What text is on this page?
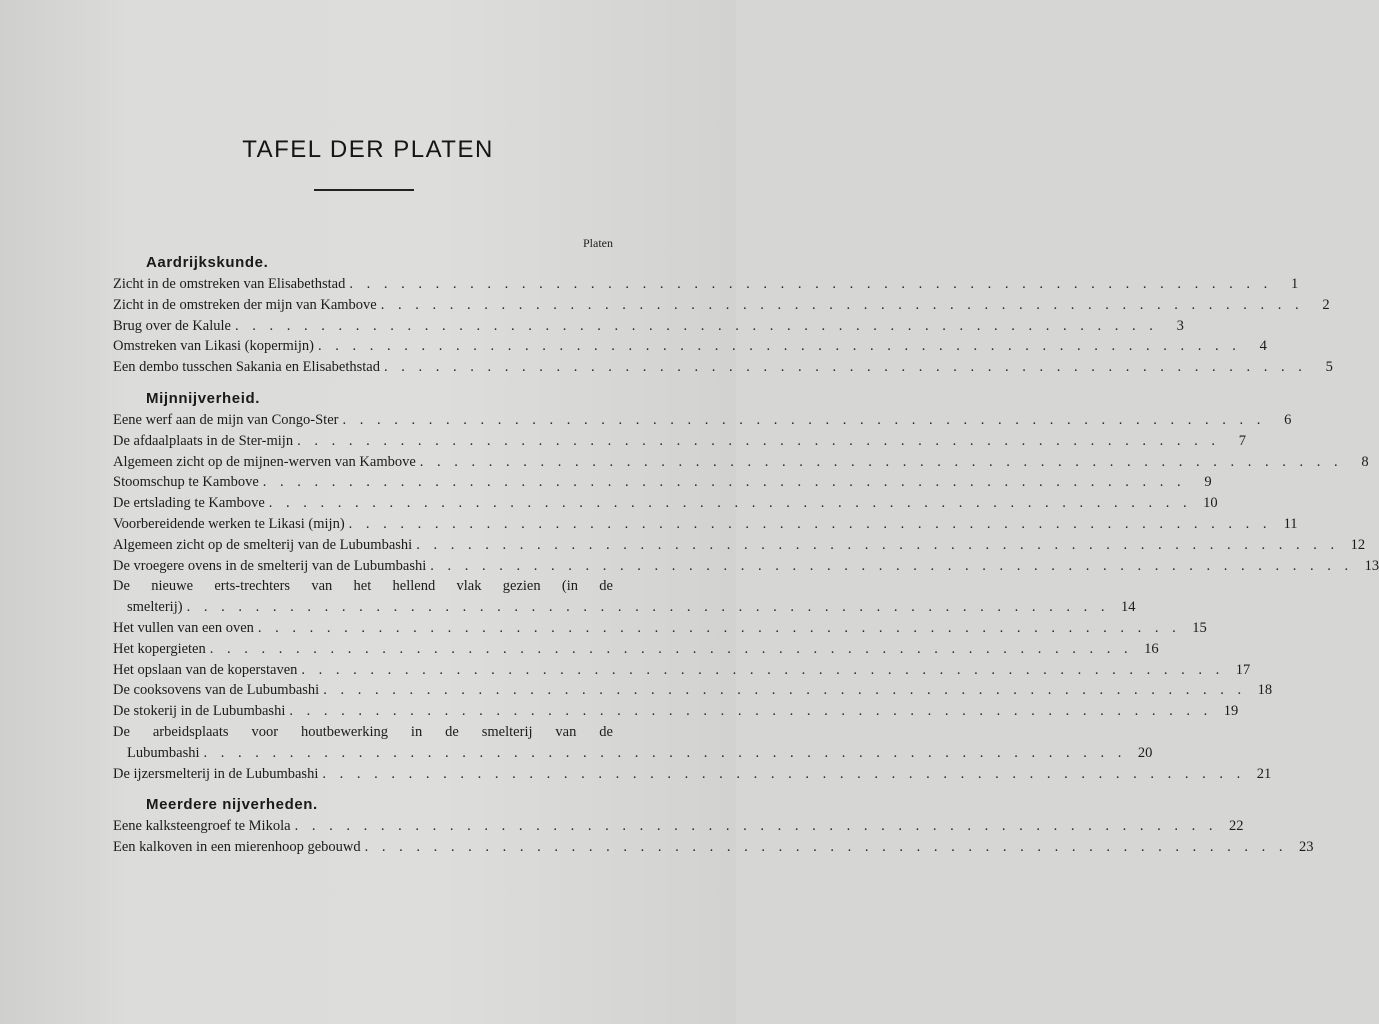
TAFEL DER PLATEN
Platen
Aardrijkskunde.
Zicht in de omstreken van Elisabethstad . . . . . . . . . . . . . . . . . . . . . . . . . . . . . . . . . . . . . . . . . . . . . . . . . . . . . .	1
Zicht in de omstreken der mijn van Kambove . . . . . . . . . . . . . . . . . . . . . . . . . . . . . . . . . . . . . . . . . . . . . . . . . . . . . .	2
Brug over de Kalule . . . . . . . . . . . . . . . . . . . . . . . . . . . . . . . . . . . . . . . . . . . . . . . . . . . . . .	3
Omstreken van Likasi (kopermijn) . . . . . . . . . . . . . . . . . . . . . . . . . . . . . . . . . . . . . . . . . . . . . . . . . . . . . .	4
Een dembo tusschen Sakania en Elisabethstad . . . . . . . . . . . . . . . . . . . . . . . . . . . . . . . . . . . . . . . . . . . . . . . . . . . . . .	5
Mijnnijverheid.
Eene werf aan de mijn van Congo-Ster . . . . . . . . . . . . . . . . . . . . . . . . . . . . . . . . . . . . . . . . . . . . . . . . . . . . . .	6
De afdaalplaats in de Ster-mijn . . . . . . . . . . . . . . . . . . . . . . . . . . . . . . . . . . . . . . . . . . . . . . . . . . . . . .	7
Algemeen zicht op de mijnen-werven van Kambove . . . . . . . . . . . . . . . . . . . . . . . . . . . . . . . . . . . . . . . . . . . . . . . . . . . . . .	8
Stoomschup te Kambove . . . . . . . . . . . . . . . . . . . . . . . . . . . . . . . . . . . . . . . . . . . . . . . . . . . . . .	9
De ertslading te Kambove . . . . . . . . . . . . . . . . . . . . . . . . . . . . . . . . . . . . . . . . . . . . . . . . . . . . . . 10
Voorbereidende werken te Likasi (mijn) . . . . . . . . . . . . . . . . . . . . . . . . . . . . . . . . . . . . . . . . . . . . . . . . . . . . . . 11
Algemeen zicht op de smelterij van de Lubumbashi . . . . . . . . . . . . . . . . . . . . . . . . . . . . . . . . . . . . . . . . . . . . . . . . . . . . . . 12
De vroegere ovens in de smelterij van de Lubumbashi . . . . . . . . . . . . . . . . . . . . . . . . . . . . . . . . . . . . . . . . . . . . . . . . . . . . . . 13
De nieuwe erts-trechters van het hellend vlak gezien (in de
smelterij) . . . . . . . . . . . . . . . . . . . . . . . . . . . . . . . . . . . . . . . . . . . . . . . . . . . . . . 14
Het vullen van een oven . . . . . . . . . . . . . . . . . . . . . . . . . . . . . . . . . . . . . . . . . . . . . . . . . . . . . . 15
Het kopergieten . . . . . . . . . . . . . . . . . . . . . . . . . . . . . . . . . . . . . . . . . . . . . . . . . . . . . . 16
Het opslaan van de koperstaven . . . . . . . . . . . . . . . . . . . . . . . . . . . . . . . . . . . . . . . . . . . . . . . . . . . . . . 17
De cooksovens van de Lubumbashi . . . . . . . . . . . . . . . . . . . . . . . . . . . . . . . . . . . . . . . . . . . . . . . . . . . . . . 18
De stokerij in de Lubumbashi . . . . . . . . . . . . . . . . . . . . . . . . . . . . . . . . . . . . . . . . . . . . . . . . . . . . . . 19
De arbeidsplaats voor houtbewerking in de smelterij van de
Lubumbashi . . . . . . . . . . . . . . . . . . . . . . . . . . . . . . . . . . . . . . . . . . . . . . . . . . . . . . 20
De ijzersmelterij in de Lubumbashi . . . . . . . . . . . . . . . . . . . . . . . . . . . . . . . . . . . . . . . . . . . . . . . . . . . . . . 21
Meerdere nijverheden.
Eene kalksteengroef te Mikola . . . . . . . . . . . . . . . . . . . . . . . . . . . . . . . . . . . . . . . . . . . . . . . . . . . . . . 22
Een kalkoven in een mierenhoop gebouwd . . . . . . . . . . . . . . . . . . . . . . . . . . . . . . . . . . . . . . . . . . . . . . . . . . . . . . 23
